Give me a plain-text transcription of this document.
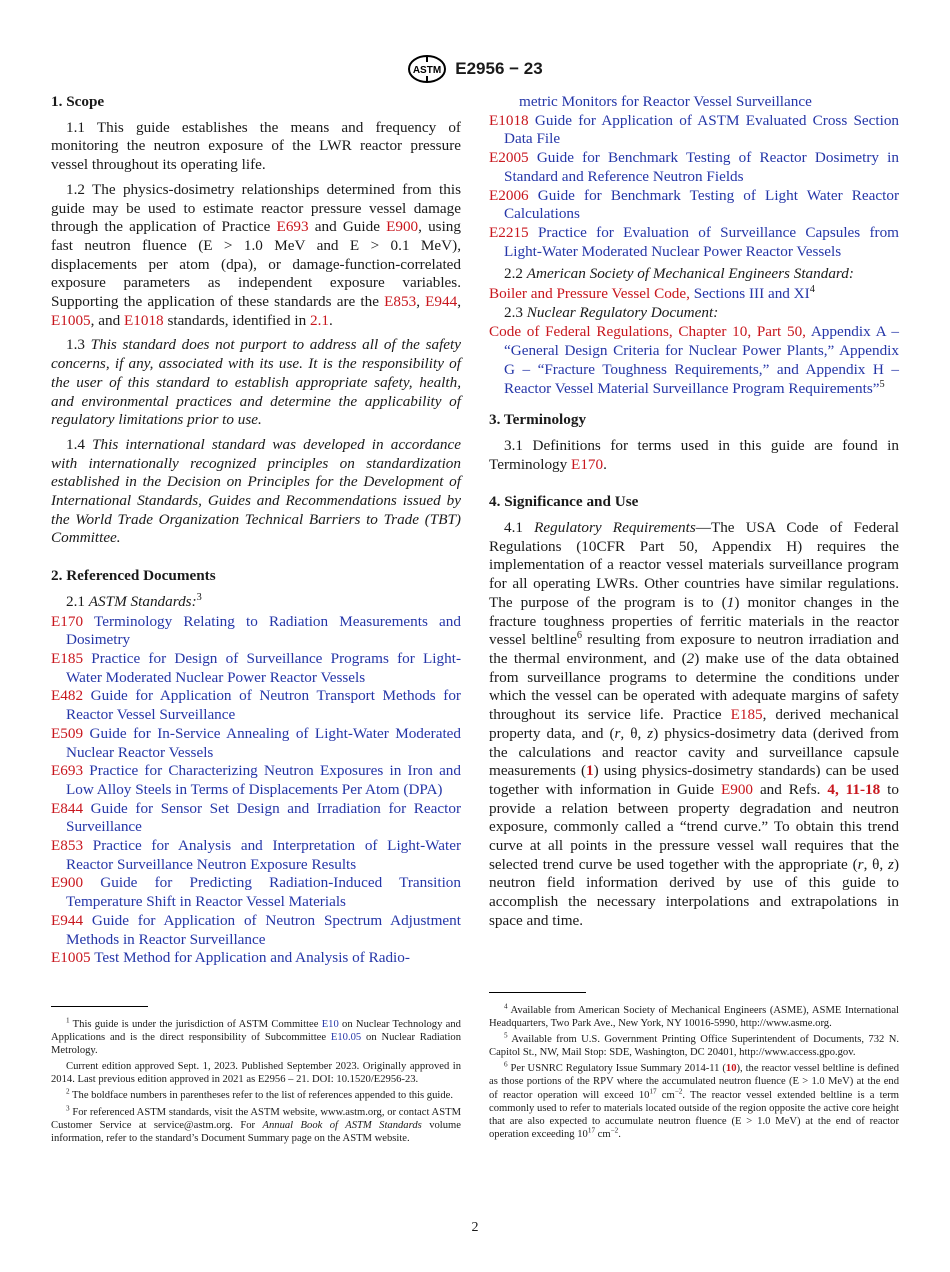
ASTM E2956 − 23
1. Scope

1.1 This guide establishes the means and frequency of monitoring the neutron exposure of the LWR reactor pressure vessel throughout its operating life.

1.2 The physics-dosimetry relationships determined from this guide may be used to estimate reactor pressure vessel damage through the application of Practice E693 and Guide E900, using fast neutron fluence (E > 1.0 MeV and E > 0.1 MeV), displacements per atom (dpa), or damage-function-correlated exposure parameters as independent exposure variables. Supporting the application of these standards are the E853, E944, E1005, and E1018 standards, identified in 2.1.

1.3 This standard does not purport to address all of the safety concerns, if any, associated with its use. It is the responsibility of the user of this standard to establish appropriate safety, health, and environmental practices and determine the applicability of regulatory limitations prior to use.

1.4 This international standard was developed in accordance with internationally recognized principles on standardization established in the Decision on Principles for the Development of International Standards, Guides and Recommendations issued by the World Trade Organization Technical Barriers to Trade (TBT) Committee.

2. Referenced Documents

2.1 ASTM Standards:$^3$

E170 Terminology Relating to Radiation Measurements and Dosimetry

E185 Practice for Design of Surveillance Programs for Light-Water Moderated Nuclear Power Reactor Vessels

E482 Guide for Application of Neutron Transport Methods for Reactor Vessel Surveillance

E509 Guide for In-Service Annealing of Light-Water Moderated Nuclear Reactor Vessels

E693 Practice for Characterizing Neutron Exposures in Iron and Low Alloy Steels in Terms of Displacements Per Atom (DPA)

E844 Guide for Sensor Set Design and Irradiation for Reactor Surveillance

E853 Practice for Analysis and Interpretation of Light-Water Reactor Surveillance Neutron Exposure Results

E900 Guide for Predicting Radiation-Induced Transition Temperature Shift in Reactor Vessel Materials

E944 Guide for Application of Neutron Spectrum Adjustment Methods in Reactor Surveillance

E1005 Test Method for Application and Analysis of Radio-

$^1$ This guide is under the jurisdiction of ASTM Committee E10 on Nuclear Technology and Applications and is the direct responsibility of Subcommittee E10.05 on Nuclear Radiation Metrology.

Current edition approved Sept. 1, 2023. Published September 2023. Originally approved in 2014. Last previous edition approved in 2021 as E2956 – 21. DOI: 10.1520/E2956-23.

$^2$ The boldface numbers in parentheses refer to the list of references appended to this guide.

$^3$ For referenced ASTM standards, visit the ASTM website, www.astm.org, or contact ASTM Customer Service at service@astm.org. For Annual Book of ASTM Standards volume information, refer to the standard’s Document Summary page on the ASTM website.

metric Monitors for Reactor Vessel Surveillance

E1018 Guide for Application of ASTM Evaluated Cross Section Data File

E2005 Guide for Benchmark Testing of Reactor Dosimetry in Standard and Reference Neutron Fields

E2006 Guide for Benchmark Testing of Light Water Reactor Calculations

E2215 Practice for Evaluation of Surveillance Capsules from Light-Water Moderated Nuclear Power Reactor Vessels

2.2 American Society of Mechanical Engineers Standard:

Boiler and Pressure Vessel Code, Sections III and $XI^4$

2.3 Nuclear Regulatory Document:

Code of Federal Regulations, Chapter 10, Part 50, Appendix A – “General Design Criteria for Nuclear Power Plants,” Appendix G – “Fracture Toughness Requirements,” and Appendix H – Reactor Vessel Material Surveillance Program Requirements”$^5$

3. Terminology

3.1 Definitions for terms used in this guide are found in Terminology E170.

4. Significance and Use

4.1 Regulatory Requirements—The USA Code of Federal Regulations (10CFR Part 50, Appendix H) requires the implementation of a reactor vessel materials surveillance program for all operating LWRs. Other countries have similar regulations. The purpose of the program is to (1) monitor changes in the fracture toughness properties of ferritic materials in the reactor vessel beltline$^6$ resulting from exposure to neutron irradiation and the thermal environment, and (2) make use of the data obtained from surveillance programs to determine the conditions under which the vessel can be operated with adequate margins of safety throughout its service life. Practice E185, derived mechanical property data, and (r, θ, z) physics-dosimetry data (derived from the calculations and reactor cavity and surveillance capsule measurements (1) using physics-dosimetry standards) can be used together with information in Guide E900 and Refs. 4, 11-18 to provide a relation between property degradation and neutron exposure, commonly called a “trend curve.” To obtain this trend curve at all points in the pressure vessel wall requires that the selected trend curve be used together with the appropriate (r, θ, z) neutron field information derived by use of this guide to accomplish the necessary interpolations and extrapolations in space and time.

$^4$ Available from American Society of Mechanical Engineers (ASME), ASME International Headquarters, Two Park Ave., New York, NY 10016-5990, http://www.asme.org.

$^5$ Available from U.S. Government Printing Office Superintendent of Documents, 732 N. Capitol St., NW, Mail Stop: SDE, Washington, DC 20401, http://www.access.gpo.gov.

$^6$ Per USNRC Regulatory Issue Summary 2014-11 (10), the reactor vessel beltline is defined as those portions of the RPV where the accumulated neutron fluence (E > 1.0 MeV) at the end of reactor operation will exceed $10^{17}$ $cm^{-2}$. The reactor vessel extended beltline is a term commonly used to refer to materials located outside of the region opposite the active core height that are also expected to accumulate neutron fluence (E > 1.0 MeV) at the end of reactor operation exceeding $10^{17}$ $cm^{-2}$.

2
